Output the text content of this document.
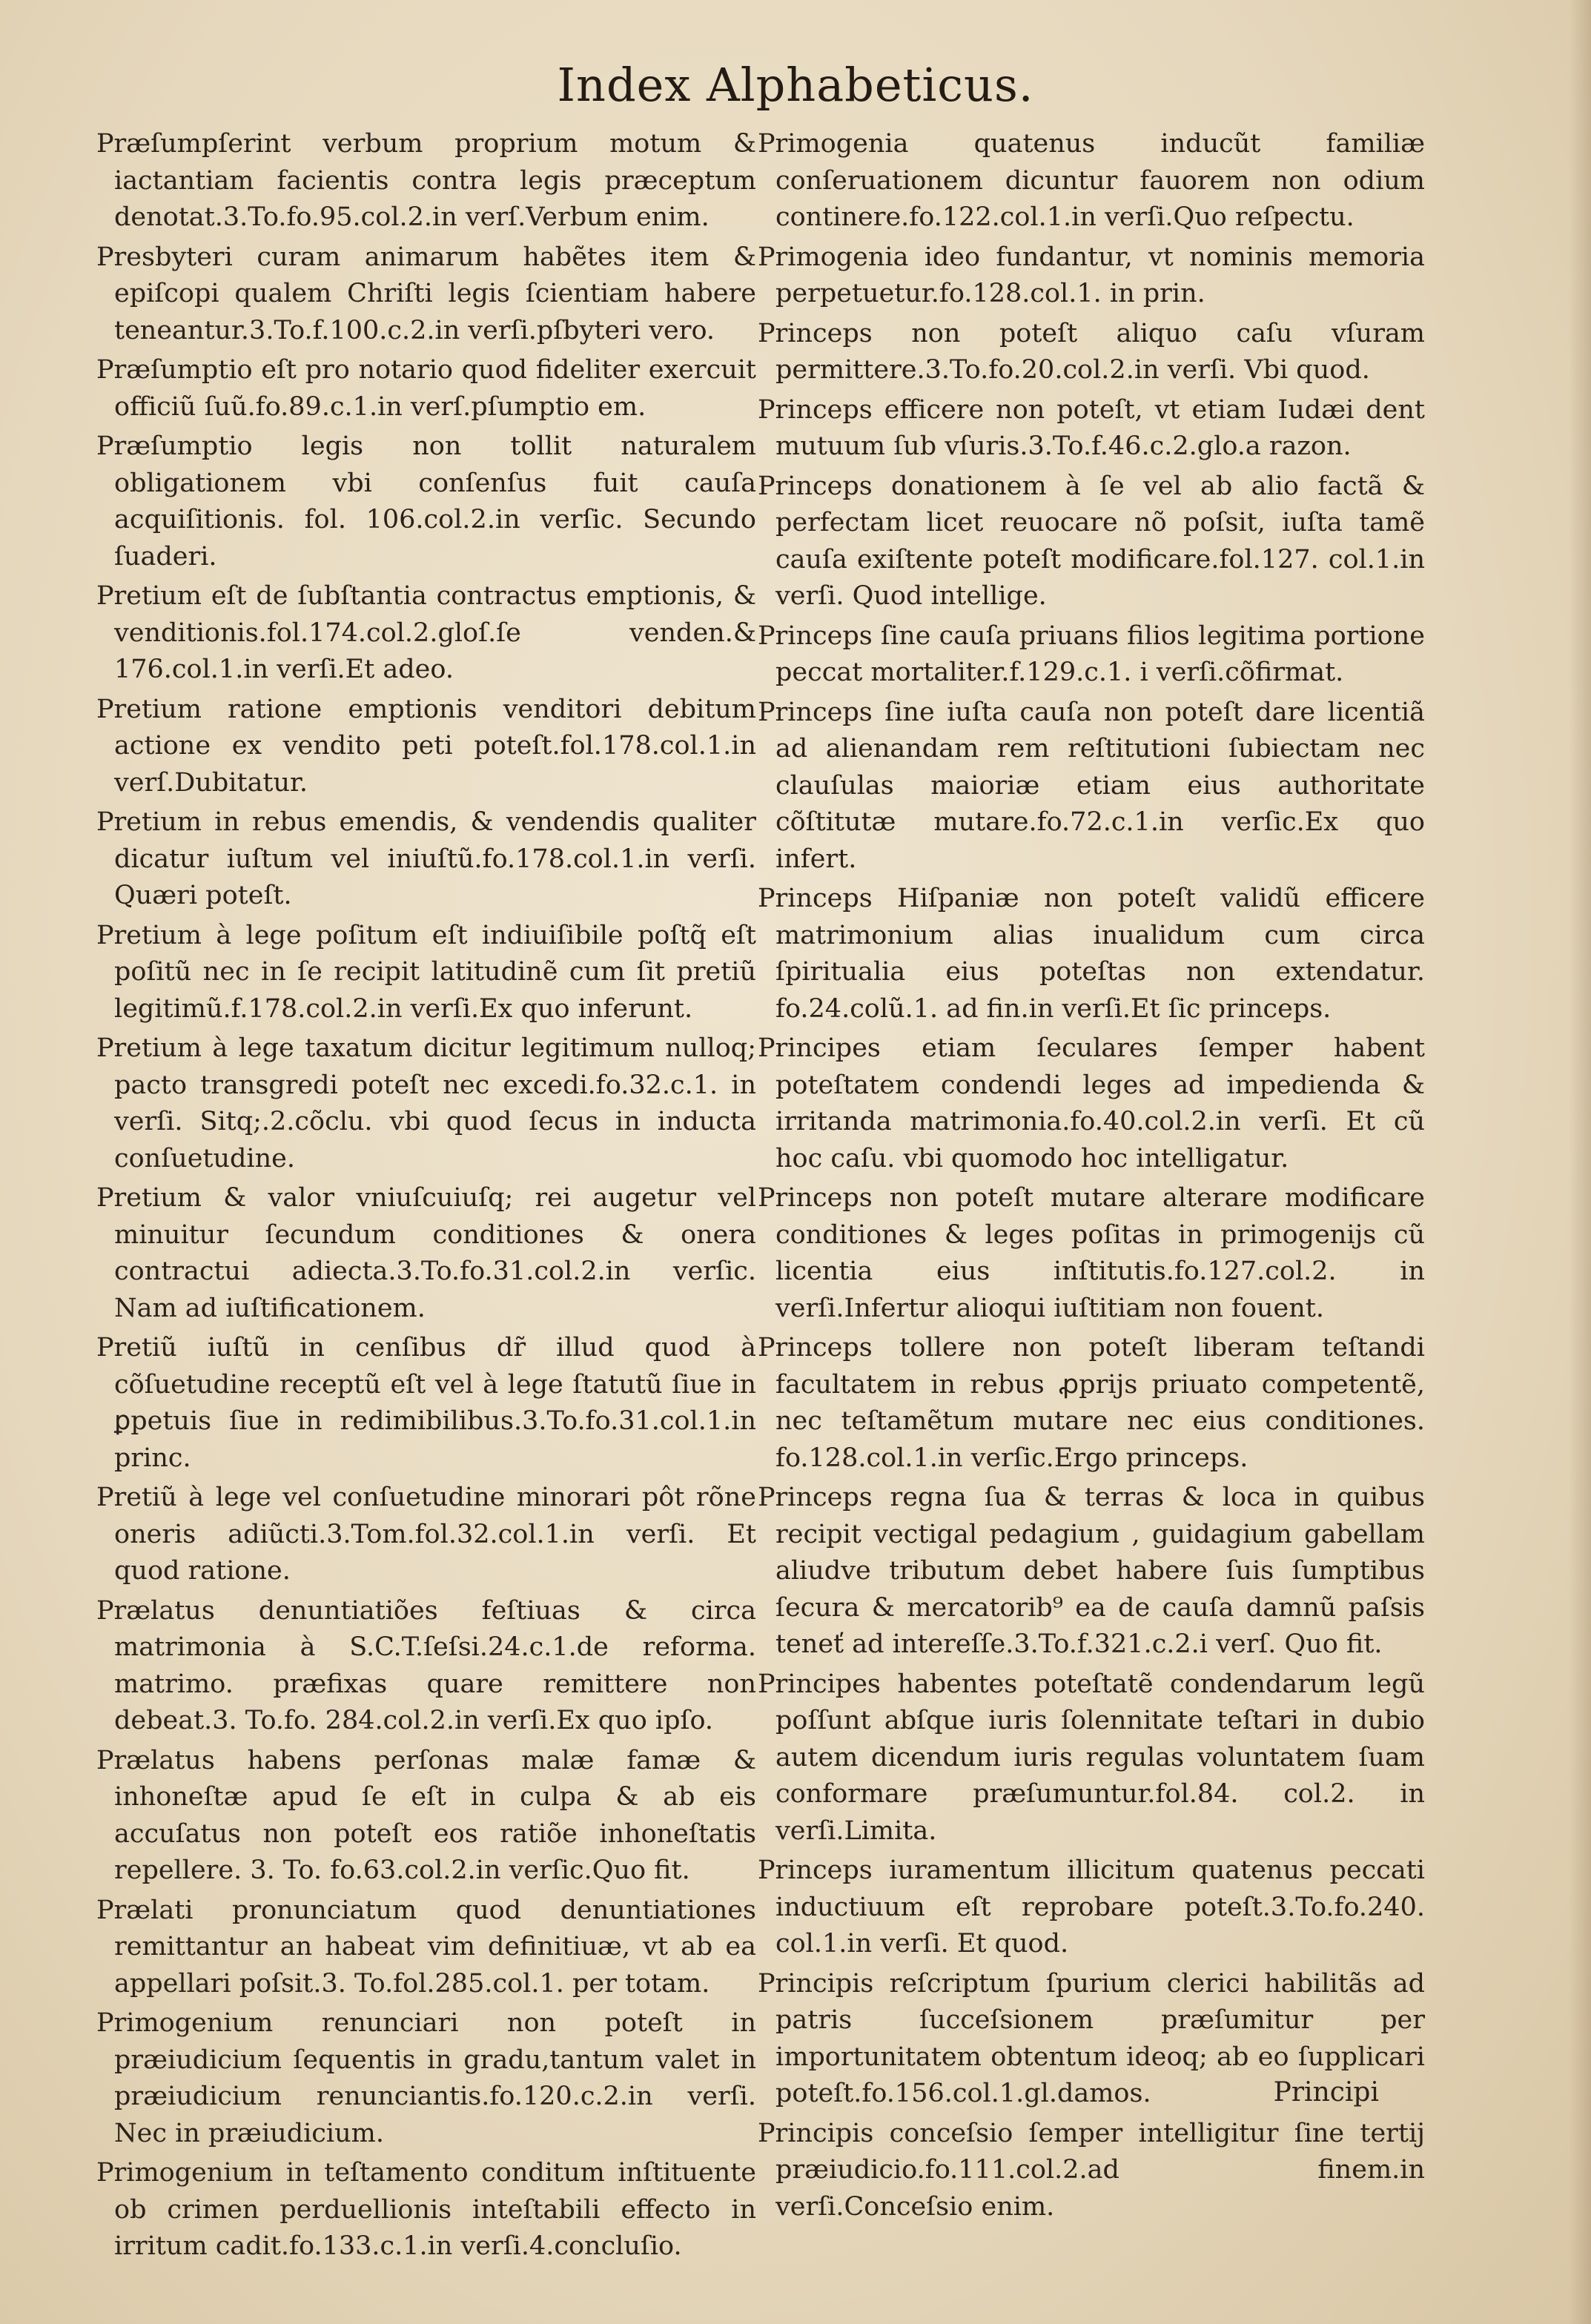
Index Alphabeticus.

Præſumpſerint verbum proprium motum & iactantiam facientis contra legis præceptum denotat.3.To.fo.95.col.2.in verſ.Verbum enim.

Presbyteri curam animarum habẽtes item & epiſcopi qualem Chriſti legis ſcientiam habere teneantur.3.To.f.100.c.2.in verſi.pſbyteri vero.

Præſumptio eſt pro notario quod fideliter exercuit officiũ ſuũ.fo.89.c.1.in verſ.pſumptio em.

Præſumptio legis non tollit naturalem obligationem vbi conſenſus fuit cauſa acquiſitionis. fol. 106.col.2.in verſic. Secundo ſuaderi.

Pretium eſt de ſubſtantia contractus emptionis, & venditionis.fol.174.col.2.gloſ.ſe venden.& 176.col.1.in verſi.Et adeo.

Pretium ratione emptionis venditori debitum actione ex vendito peti poteſt.fol.178.col.1.in verſ.Dubitatur.

Pretium in rebus emendis, & vendendis qualiter dicatur iuſtum vel iniuſtũ.fo.178.col.1.in verſi. Quæri poteſt.

Pretium à lege poſitum eſt indiuiſibile poſtq̃ eſt poſitũ nec in ſe recipit latitudinẽ cum ſit pretiũ legitimũ.f.178.col.2.in verſi.Ex quo inferunt.

Pretium à lege taxatum dicitur legitimum nulloq; pacto transgredi poteſt nec excedi.fo.32.c.1. in verſi. Sitq;.2.cõclu. vbi quod ſecus in inducta conſuetudine.

Pretium & valor vniuſcuiuſq; rei augetur vel minuitur ſecundum conditiones & onera contractui adiecta.3.To.fo.31.col.2.in verſic. Nam ad iuſtificationem.

Pretiũ iuſtũ in cenſibus dr̃ illud quod à cõſuetudine receptũ eſt vel à lege ſtatutũ ſiue in ꝑpetuis ſiue in redimibilibus.3.To.fo.31.col.1.in princ.

Pretiũ à lege vel conſuetudine minorari pôt rõne oneris adiũcti.3.Tom.fol.32.col.1.in verſi. Et quod ratione.

Prælatus denuntiatiões feſtiuas & circa matrimonia à S.C.T.ſeſsi.24.c.1.de reforma. matrimo. præfixas quare remittere non debeat.3. To.fo. 284.col.2.in verſi.Ex quo ipſo.

Prælatus habens perſonas malæ famæ & inhoneſtæ apud ſe eſt in culpa & ab eis accuſatus non poteſt eos ratiõe inhoneſtatis repellere. 3. To. fo.63.col.2.in verſic.Quo fit.

Prælati pronunciatum quod denuntiationes remittantur an habeat vim definitiuæ, vt ab ea appellari poſsit.3. To.fol.285.col.1. per totam.

Primogenium renunciari non poteſt in præiudicium ſequentis in gradu,tantum valet in præiudicium renunciantis.fo.120.c.2.in verſi. Nec in præiudicium.

Primogenium in teſtamento conditum inſtituente ob crimen perduellionis inteſtabili effecto in irritum cadit.fo.133.c.1.in verſi.4.concluſio.

Primogenia quatenus inducũt familiæ conſeruationem dicuntur fauorem non odium continere.fo.122.col.1.in verſi.Quo reſpectu.

Primogenia ideo fundantur, vt nominis memoria perpetuetur.fo.128.col.1. in prin.

Princeps non poteſt aliquo caſu vſuram permittere.3.To.fo.20.col.2.in verſi. Vbi quod.

Princeps efficere non poteſt, vt etiam Iudæi dent mutuum ſub vſuris.3.To.f.46.c.2.glo.a razon.

Princeps donationem à ſe vel ab alio factã & perfectam licet reuocare nõ poſsit, iuſta tamẽ cauſa exiſtente poteſt modificare.fol.127. col.1.in verſi. Quod intellige.

Princeps ſine cauſa priuans filios legitima portione peccat mortaliter.f.129.c.1. i verſi.cõfirmat.

Princeps ſine iuſta cauſa non poteſt dare licentiã ad alienandam rem reſtitutioni ſubiectam nec clauſulas maioriæ etiam eius authoritate cõſtitutæ mutare.fo.72.c.1.in verſic.Ex quo infert.

Princeps Hiſpaniæ non poteſt validũ efficere matrimonium alias inualidum cum circa ſpiritualia eius poteſtas non extendatur. fo.24.colũ.1. ad fin.in verſi.Et ſic princeps.

Principes etiam ſeculares ſemper habent poteſtatem condendi leges ad impedienda & irritanda matrimonia.fo.40.col.2.in verſi. Et cũ hoc caſu. vbi quomodo hoc intelligatur.

Princeps non poteſt mutare alterare modificare conditiones & leges poſitas in primogenijs cũ licentia eius inſtitutis.fo.127.col.2. in verſi.Infertur alioqui iuſtitiam non fouent.

Princeps tollere non poteſt liberam teſtandi facultatem in rebus ꝓprijs priuato competentẽ, nec teſtamẽtum mutare nec eius conditiones. fo.128.col.1.in verſic.Ergo princeps.

Princeps regna ſua & terras & loca in quibus recipit vectigal pedagium , guidagium gabellam aliudve tributum debet habere ſuis ſumptibus ſecura & mercatorib⁹ ea de cauſa damnũ paſsis teneť ad intereſſe.3.To.f.321.c.2.i verſ. Quo fit.

Principes habentes poteſtatẽ condendarum legũ poſſunt abſque iuris ſolennitate teſtari in dubio autem dicendum iuris regulas voluntatem ſuam conformare præſumuntur.fol.84. col.2. in verſi.Limita.

Princeps iuramentum illicitum quatenus peccati inductiuum eſt reprobare poteſt.3.To.fo.240. col.1.in verſi. Et quod.

Principis reſcriptum ſpurium clerici habilitãs ad patris ſucceſsionem præſumitur per importunitatem obtentum ideoq; ab eo ſupplicari poteſt.fo.156.col.1.gl.damos.

Principis conceſsio ſemper intelligitur ſine tertij præiudicio.fo.111.col.2.ad finem.in verſi.Conceſsio enim.

Principi
